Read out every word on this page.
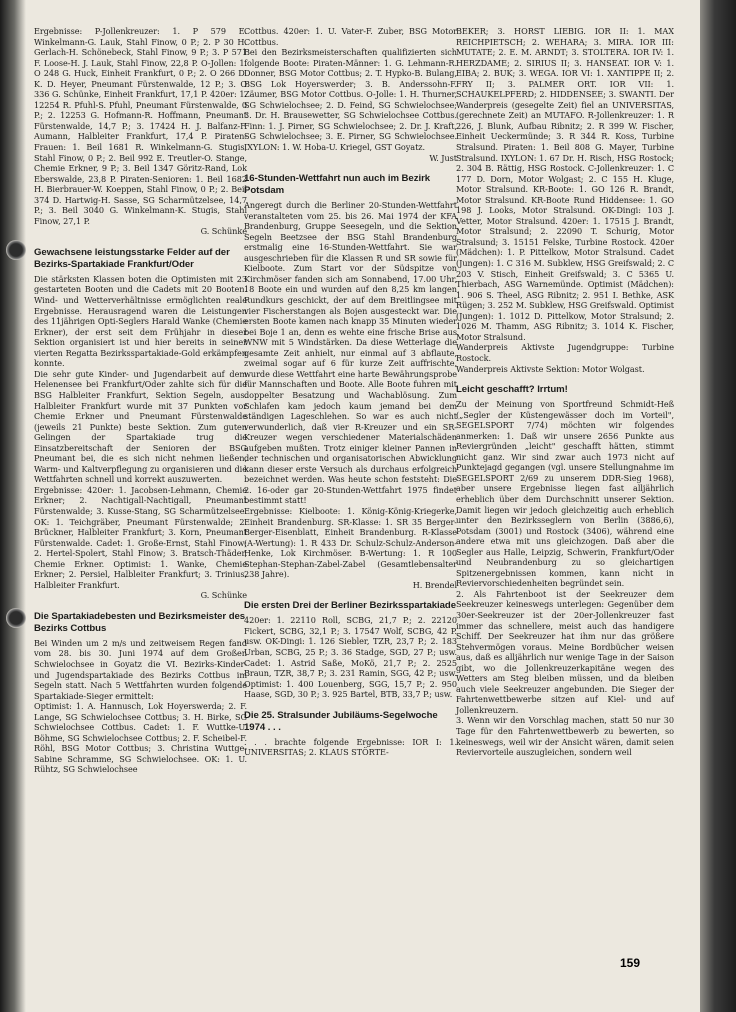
Ergebnisse: P-Jollenkreuzer: 1. P 579 E. Winkelmann-G. Lauk, Stahl Finow, 0 P.; 2. P 30 H. Gerlach-H. Schönebeck, Stahl Finow, 9 P.; 3. P 571 F. Loose-H. J. Lauk, Stahl Finow, 22,8 P. O-Jollen: 1. O 248 G. Huck, Einheit Frankfurt, 0 P.; 2. O 266 D. K. D. Heyer, Pneumant Fürstenwalde, 12 P.; 3. O 336 G. Schünke, Einheit Frankfurt, 17,1 P. 420er: 1. 12254 R. Pfuhl-S. Pfuhl, Pneumant Fürstenwalde, 0 P.; 2. 12253 G. Hofmann-R. Hoffmann, Pneumant Fürstenwalde, 14,7 P.; 3. 17424 H. J. Balfanz-F. Aumann, Halbleiter Frankfurt, 17,4 P. Piraten-Frauen: 1. Beil 1681 R. Winkelmann-G. Stugis, Stahl Finow, 0 P.; 2. Beil 992 E. Treutler-O. Stange, Chemie Erkner, 9 P.; 3. Beil 1347 Göritz-Rand, Lok Eberswalde, 23,8 P. Piraten-Senioren: 1. Beil 1682 H. Bierbrauer-W. Koeppen, Stahl Finow, 0 P.; 2. Beil 374 D. Hartwig-H. Sasse, SG Scharmützelsee, 14,7 P.; 3. Beil 3040 G. Winkelmann-K. Stugis, Stahl Finow, 27,1 P.

G. Schünke
Gewachsene leistungsstarke Felder auf der Bezirks-Spartakiade Frankfurt/Oder

Die stärksten Klassen boten die Optimisten mit 23 gestarteten Booten und die Cadets mit 20 Booten. Wind- und Wetterverhältnisse ermöglichten reale Ergebnisse. Herausragend waren die Leistungen des 11jährigen Opti-Seglers Harald Wanke (Chemie Erkner), der erst seit dem Frühjahr in dieser Sektion organisiert ist und hier bereits in seiner vierten Regatta Bezirksspartakiade-Gold erkämpfen konnte.

Die sehr gute Kinder- und Jugendarbeit auf dem Helenensee bei Frankfurt/Oder zahlte sich für die BSG Halbleiter Frankfurt, Sektion Segeln, aus. Halbleiter Frankfurt wurde mit 37 Punkten vor Chemie Erkner und Pneumant Fürstenwalde (jeweils 21 Punkte) beste Sektion. Zum guten Gelingen der Spartakiade trug die Einsatzbereitschaft der Senioren der BSG Pneumant bei, die es sich nicht nehmen ließen, Warm- und Kaltverpflegung zu organisieren und die Wettfahrten schnell und korrekt auszuwerten.

Ergebnisse: 420er: 1. Jacobsen-Lehmann, Chemie Erkner; 2. Nachtigall-Nachtigall, Pneumant Fürstenwalde; 3. Kusse-Stang, SG Scharmützelsee. OK: 1. Teichgräber, Pneumant Fürstenwalde; 2. Brückner, Halbleiter Frankfurt; 3. Korn, Pneumant Fürstenwalde. Cadet: 1. Große-Ernst, Stahl Finow; 2. Hertel-Spolert, Stahl Finow; 3. Bratsch-Thäder, Chemie Erkner. Optimist: 1. Wanke, Chemie Erkner; 2. Persiel, Halbleiter Frankfurt; 3. Trinius, Halbleiter Frankfurt.

G. Schünke
Die Spartakiadebesten und Bezirksmeister des Bezirks Cottbus

Bei Winden um 2 m/s und zeitweisem Regen fand vom 28. bis 30. Juni 1974 auf dem Großen Schwielochsee in Goyatz die VI. Bezirks-Kinder- und Jugendspartakiade des Bezirks Cottbus im Segeln statt. Nach 5 Wettfahrten wurden folgende Spartakiade-Sieger ermittelt:

Optimist: 1. A. Hannusch, Lok Hoyerswerda; 2. F. Lange, SG Schwielochsee Cottbus; 3. H. Birke, SG Schwielochsee Cottbus. Cadet: 1. F. Wuttke-U. Böhme, SG Schwielochsee Cottbus; 2. F. Scheibel-F. Röhl, BSG Motor Cottbus; 3. Christina Wuttge-Sabine Schramme, SG Schwielochsee. OK: 1. U. Rühtz, SG Schwielochsee

Cottbus. 420er: 1. U. Vater-F. Zuber, BSG Motor Cottbus.

Bei den Bezirksmeisterschaften qualifizierten sich folgende Boote: Piraten-Männer: 1. G. Lehmann-R. Donner, BSG Motor Cottbus; 2. T. Hypko-B. Bulang, BSG Lok Hoyerswerder; 3. B. Anderssohn-F. Zäumer, BSG Motor Cottbus. O-Jolle: 1. H. Thurner, SG Schwielochsee; 2. D. Feind, SG Schwielochsee; 3. Dr. H. Brausewetter, SG Schwielochsee Cottbus. Finn: 1. J. Pirner, SG Schwielochsee; 2. Dr. J. Kraft, SG Schwielochsee; 3. E. Pirner, SG Schwielochsee. IXYLON: 1. W. Hoba-U. Kriegel, GST Goyatz.

W. Just
16-Stunden-Wettfahrt nun auch im Bezirk Potsdam

Angeregt durch die Berliner 20-Stunden-Wettfahrt veranstalteten vom 25. bis 26. Mai 1974 der KFA Brandenburg, Gruppe Seesegeln, und die Sektion Segeln Beetzsee der BSG Stahl Brandenburg erstmalig eine 16-Stunden-Wettfahrt. Sie war ausgeschrieben für die Klassen R und SR sowie für Kielboote. Zum Start vor der Südspitze von Kirchmöser fanden sich am Sonnabend, 17.00 Uhr, 18 Boote ein und wurden auf den 8,25 km langen Rundkurs geschickt, der auf dem Breitlingsee mit vier Fischerstangen als Bojen ausgesteckt war. Die ersten Boote kamen nach knapp 35 Minuten wieder bei Boje 1 an, denn es wehte eine frische Brise aus WNW mit 5 Windstärken. Da diese Wetterlage die gesamte Zeit anhielt, nur einmal auf 3 abflaute, zweimal sogar auf 6 für kurze Zeit auffrischte, wurde diese Wettfahrt eine harte Bewährungsprobe für Mannschaften und Boote. Alle Boote fuhren mit doppelter Besatzung und Wachablösung. Zum Schlafen kam jedoch kaum jemand bei dem ständigen Lageschlehen. So war es auch nicht verwunderlich, daß vier R-Kreuzer und ein SR-Kreuzer wegen verschiedener Materialschäden aufgeben mußten. Trotz einiger kleiner Pannen in der technischen und organisatorischen Abwicklung kann dieser erste Versuch als durchaus erfolgreich bezeichnet werden. Was heute schon feststeht: Die 2. 16-oder gar 20-Stunden-Wettfahrt 1975 findet bestimmt statt!

Ergebnisse: Kielboote: 1. König-König-Kriegerke, Einheit Brandenburg. SR-Klasse: 1. SR 35 Berger-Berger-Eisenblatt, Einheit Brandenburg. R-Klasse (A-Wertung): 1. R 433 Dr. Schulz-Schulz-Anderson-Henke, Lok Kirchmöser. B-Wertung: 1. R 100 Stephan-Stephan-Zabel-Zabel (Gesamtlebensalter 238 Jahre).

H. Brendel
Die ersten Drei der Berliner Bezirksspartakiade

420er: 1. 22110 Roll, SCBG, 21,7 P.; 2. 22120 Fickert, SCBG, 32,1 P.; 3. 17547 Wolf, SCBG, 42 P. usw. OK-Dingi: 1. 126 Siebler, TZR, 23,7 P.; 2. 183 Urban, SCBG, 25 P.; 3. 36 Stadge, SGD, 27 P.; usw. Cadet: 1. Astrid Saße, MoKö, 21,7 P.; 2. 2525 Braun, TZR, 38,7 P.; 3. 231 Ramin, SGG, 42 P.; usw. Optimist: 1. 400 Louenberg, SGG, 15,7 P.; 2. 950 Haase, SGD, 30 P.; 3. 925 Bartel, BTB, 33,7 P.; usw.

Die 25. Stralsunder Jubiläums-Segelwoche 1974 . . .

. . . brachte folgende Ergebnisse: IOR I: 1. UNIVERSITAS; 2. KLAUS STÖRTE-

BEKER; 3. HORST LIEBIG. IOR II: 1. MAX REICHPIETSCH; 2. WEHARA; 3. MIRA. IOR III: MUTATE; 2. E. M. ARNDT; 3. STOLTERA. IOR IV: 1. HERZDAME; 2. SIRIUS II; 3. HANSEAT. IOR V: 1. EIBA; 2. BUK; 3. WEGA. IOR VI: 1. XANTIPPE II; 2. FRY II; 3. PALMER ORT. IOR VII: 1. SCHAUKELPFERD; 2. HIDDENSEE; 3. SWANTI. Der Wanderpreis (gesegelte Zeit) fiel an UNIVERSITAS, (gerechnete Zeit) an MUTAFO. R-Jollenkreuzer: 1. R 226, J. Blunk, Aufbau Ribnitz; 2. R 399 W. Fischer, Einheit Ueckermünde; 3. R 344 R. Koss, Turbine Stralsund. Piraten: 1. Beil 808 G. Mayer, Turbine Stralsund. IXYLON: 1. 67 Dr. H. Risch, HSG Rostock; 2. 304 B. Rättig, HSG Rostock. C-Jollenkreuzer: 1. C 177 D. Dorn, Motor Wolgast; 2. C 155 H. Kluge, Motor Stralsund. KR-Boote: 1. GO 126 R. Brandt, Motor Stralsund. KR-Boote Rund Hiddensee: 1. GO 198 J. Looks, Motor Stralsund. OK-Dingi: 103 J. Vetter, Motor Stralsund. 420er: 1. 17515 J. Brandt, Motor Stralsund; 2. 22090 T. Schurig, Motor Stralsund; 3. 15151 Felske, Turbine Rostock. 420er (Mädchen): 1. P. Pittelkow, Motor Stralsund. Cadet (Jungen): 1. C 316 M. Subklew, HSG Greifswald; 2. C 203 V. Stisch, Einheit Greifswald; 3. C 5365 U. Thierbach, ASG Warnemünde. Optimist (Mädchen): 1. 906 S. Theel, ASG Ribnitz; 2. 951 I. Bethke, ASK Rügen; 3. 252 M. Subklew, HSG Greifswald. Optimist (Jungen): 1. 1012 D. Pittelkow, Motor Stralsund; 2. 1026 M. Thamm, ASG Ribnitz; 3. 1014 K. Fischer, Motor Stralsund.

Wanderpreis Aktivste Jugendgruppe: Turbine Rostock.

Wanderpreis Aktivste Sektion: Motor Wolgast.

Leicht geschafft? Irrtum!

Zu der Meinung von Sportfreund Schmidt-Heß („Segler der Küstengewässer doch im Vorteil", SEGELSPORT 7/74) möchten wir folgendes anmerken: 1. Daß wir unsere 2656 Punkte aus Reviergründen „leicht" geschafft hätten, stimmt nicht ganz. Wir sind zwar auch 1973 nicht auf Punktejagd gegangen (vgl. unsere Stellungnahme im SEGELSPORT 2/69 zu unserem DDR-Sieg 1968), aber unsere Ergebnisse liegen fast alljährlich erheblich über dem Durchschnitt unserer Sektion. Damit liegen wir jedoch gleichzeitig auch erheblich unter den Bezirksseglern von Berlin (3886,6), Potsdam (3001) und Rostock (3406), während eine andere etwa mit uns gleichzogen. Daß aber die Segler aus Halle, Leipzig, Schwerin, Frankfurt/Oder und Neubrandenburg zu so gleichartigen Spitzenergebnissen kommen, kann nicht in Reviervorschiedenheiten begründet sein.

2. Als Fahrtenboot ist der Seekreuzer dem Seekreuzer keineswegs unterlegen: Gegenüber dem 30er-Seekreuzer ist der 20er-Jollenkreuzer fast immer das schnellere, meist auch das handigere Schiff. Der Seekreuzer hat ihm nur das größere Stehvermögen voraus. Meine Bordbücher weisen aus, daß es alljährlich nur wenige Tage in der Saison gibt, wo die Jollenkreuzerkapitäne wegen des Wetters am Steg bleiben müssen, und da bleiben auch viele Seekreuzer angebunden. Die Sieger der Fahrtenwettbewerbe sitzen auf Kiel- und auf Jollenkreuzern.

3. Wenn wir den Vorschlag machen, statt 50 nur 30 Tage für den Fahrtenwettbewerb zu bewerten, so keineswegs, weil wir der Ansicht wären, damit seien Reviervorteile auszugleichen, sondern weil

159
